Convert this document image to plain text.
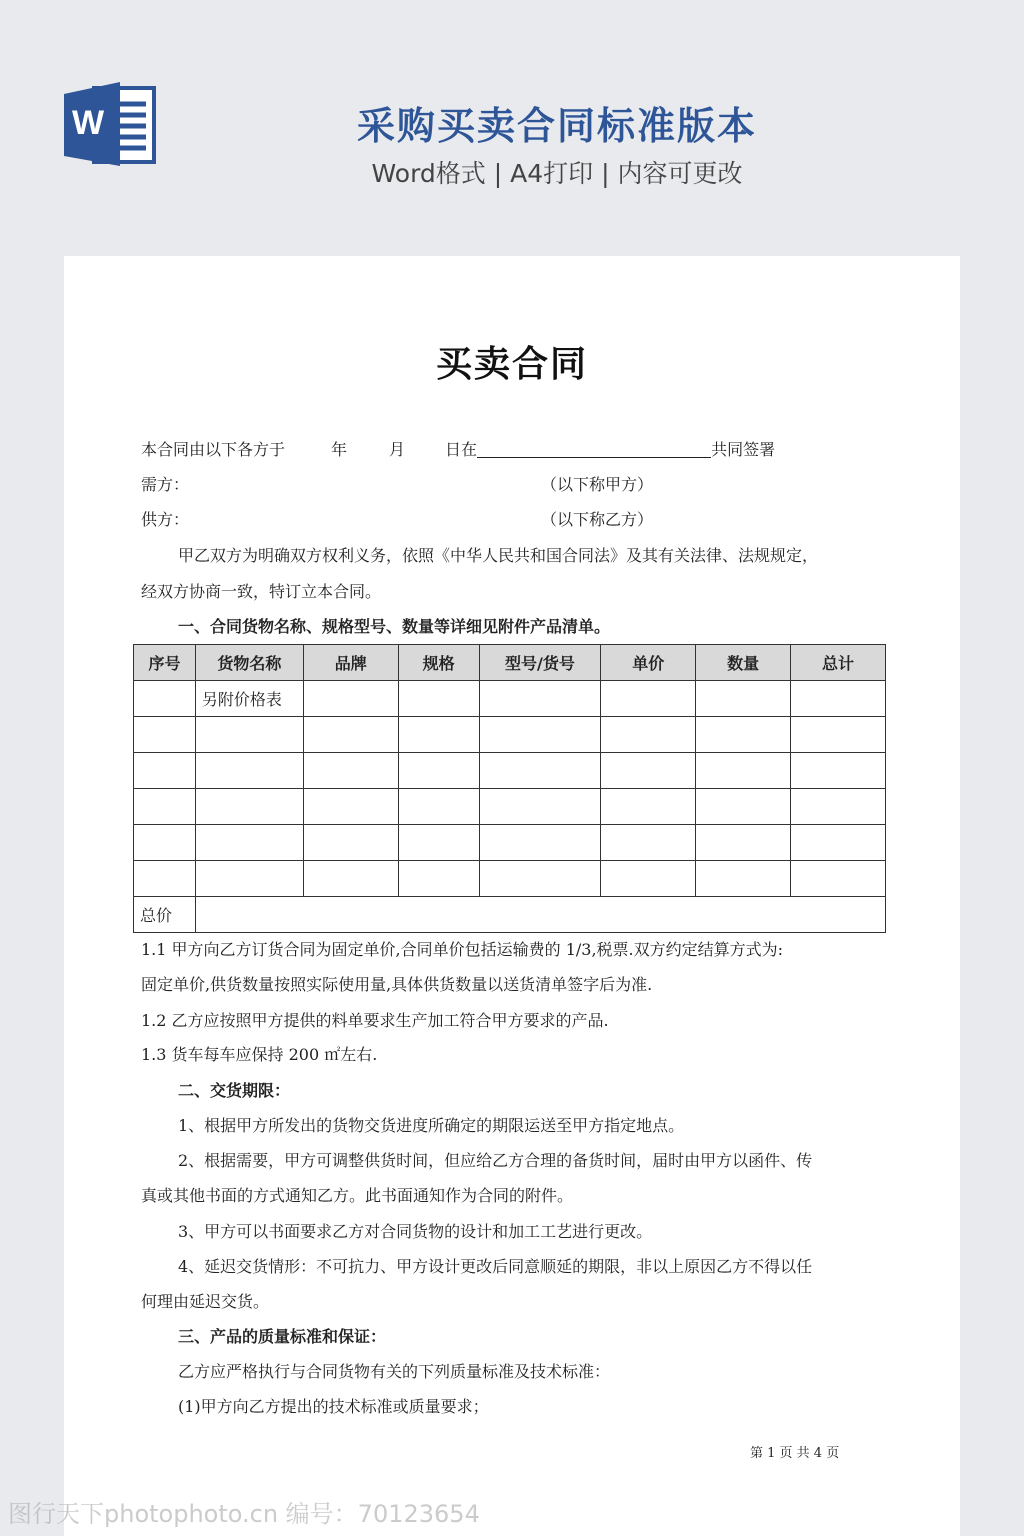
W	采购买卖合同标准版本
Word格式 | A4打印 | 内容可更改
买卖合同
本合同由以下各方于	年	月	日在	共同签署
需方：	（以下称甲方）
供方：	（以下称乙方）
甲乙双方为明确双方权利义务，依照《中华人民共和国合同法》及其有关法律、法规规定，
经双方协商一致，特订立本合同。
一、合同货物名称、规格型号、数量等详细见附件产品清单。
序号	货物名称	品牌	规格	型号/货号	单价	数量	总计
	另附价格表						

总价							
1.1 甲方向乙方订货合同为固定单价,合同单价包括运输费的 1/3,税票.双方约定结算方式为:
固定单价,供货数量按照实际使用量,具体供货数量以送货清单签字后为准.
1.2 乙方应按照甲方提供的料单要求生产加工符合甲方要求的产品.
1.3 货车每车应保持 200 ㎡左右.
二、交货期限：
1、根据甲方所发出的货物交货进度所确定的期限运送至甲方指定地点。
2、根据需要，甲方可调整供货时间，但应给乙方合理的备货时间，届时由甲方以函件、传
真或其他书面的方式通知乙方。此书面通知作为合同的附件。
3、甲方可以书面要求乙方对合同货物的设计和加工工艺进行更改。
4、延迟交货情形：不可抗力、甲方设计更改后同意顺延的期限，非以上原因乙方不得以任
何理由延迟交货。
三、产品的质量标准和保证：
乙方应严格执行与合同货物有关的下列质量标准及技术标准：
(1)甲方向乙方提出的技术标准或质量要求；
第 1 页 共 4 页
图行天下photophoto.cn 编号：70123654
